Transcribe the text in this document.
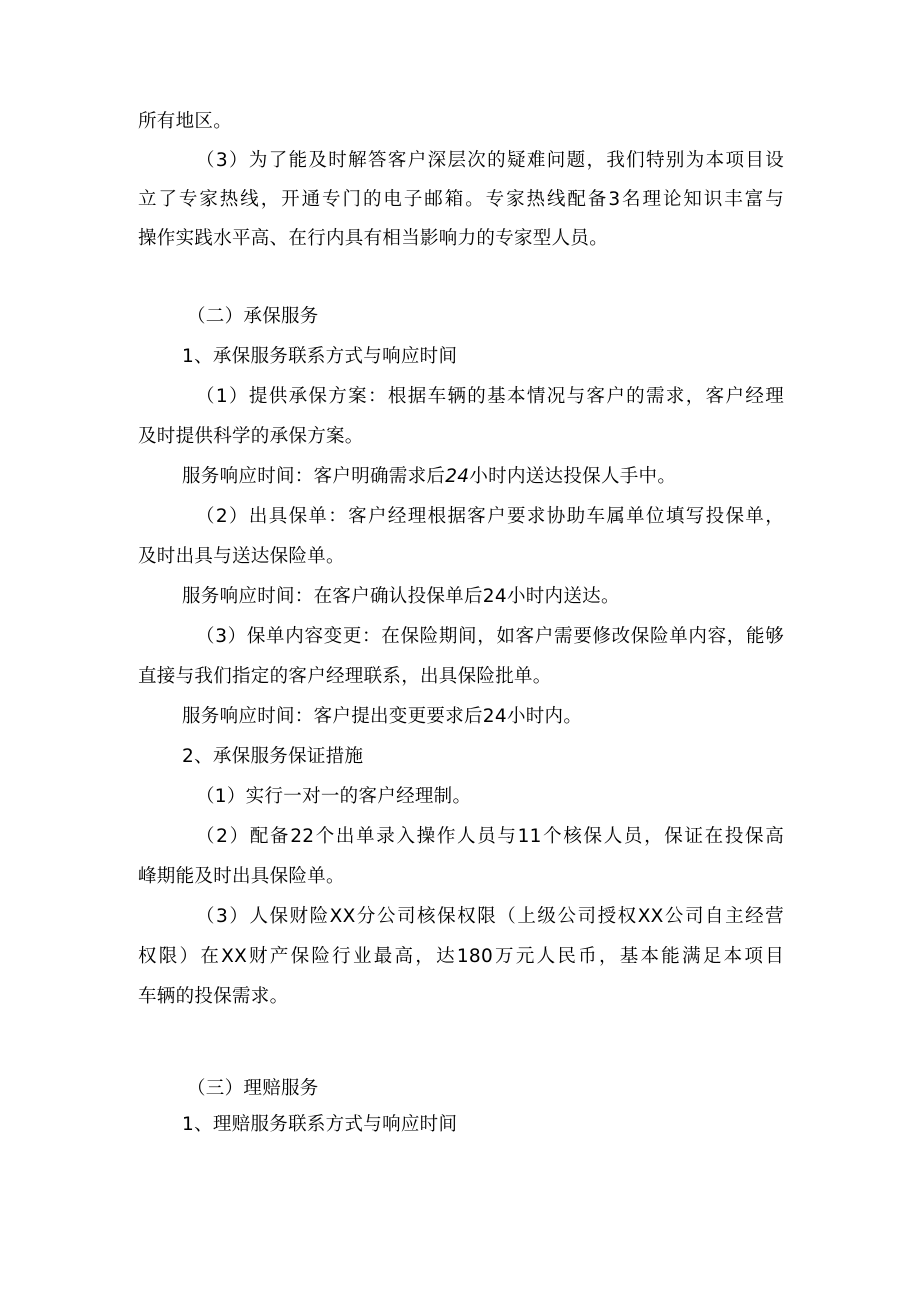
所有地区。
（3）为了能及时解答客户深层次的疑难问题，我们特别为本项目设
立了专家热线，开通专门的电子邮箱。专家热线配备3名理论知识丰富与
操作实践水平高、在行内具有相当影响力的专家型人员。
（二）承保服务
1、承保服务联系方式与响应时间
（1）提供承保方案：根据车辆的基本情况与客户的需求，客户经理
及时提供科学的承保方案。
服务响应时间：客户明确需求后24小时内送达投保人手中。
（2）出具保单：客户经理根据客户要求协助车属单位填写投保单，
及时出具与送达保险单。
服务响应时间：在客户确认投保单后24小时内送达。
（3）保单内容变更：在保险期间，如客户需要修改保险单内容，能够
直接与我们指定的客户经理联系，出具保险批单。
服务响应时间：客户提出变更要求后24小时内。
2、承保服务保证措施
（1）实行一对一的客户经理制。
（2）配备22个出单录入操作人员与11个核保人员，保证在投保高
峰期能及时出具保险单。
（3）人保财险XX分公司核保权限（上级公司授权XX公司自主经营
权限）在XX财产保险行业最高，达180万元人民币，基本能满足本项目
车辆的投保需求。
（三）理赔服务
1、理赔服务联系方式与响应时间
